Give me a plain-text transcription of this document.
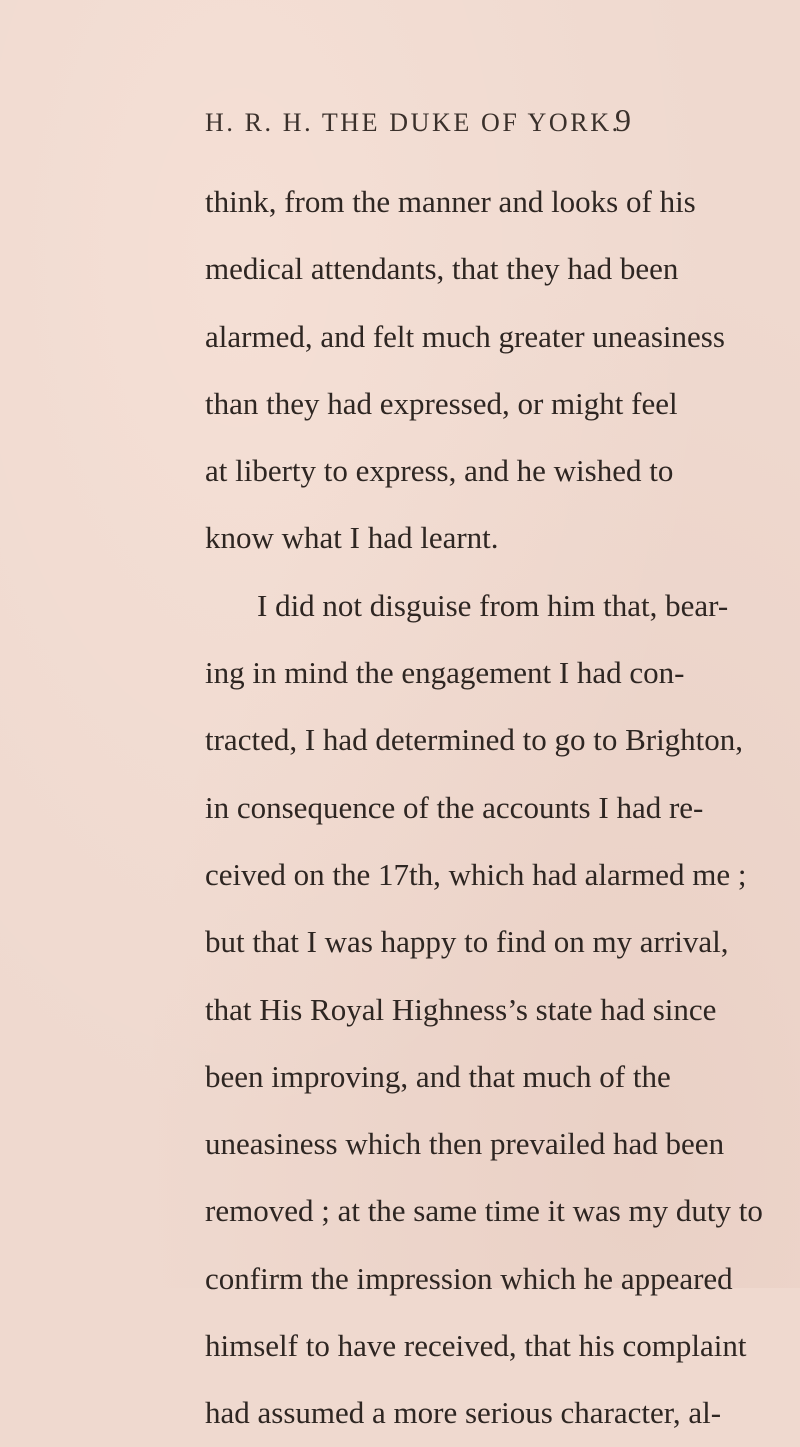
H. R. H. THE DUKE OF YORK.
9
think, from the manner and looks of his
medical attendants, that they had been
alarmed, and felt much greater uneasiness
than they had expressed, or might feel
at liberty to express, and he wished to
know what I had learnt.
I did not disguise from him that, bear-
ing in mind the engagement I had con-
tracted, I had determined to go to Brighton,
in consequence of the accounts I had re-
ceived on the 17th, which had alarmed me ;
but that I was happy to find on my arrival,
that His Royal Highness’s state had since
been improving, and that much of the
uneasiness which then prevailed had been
removed ; at the same time it was my duty to
confirm the impression which he appeared
himself to have received, that his complaint
had assumed a more serious character, al-
